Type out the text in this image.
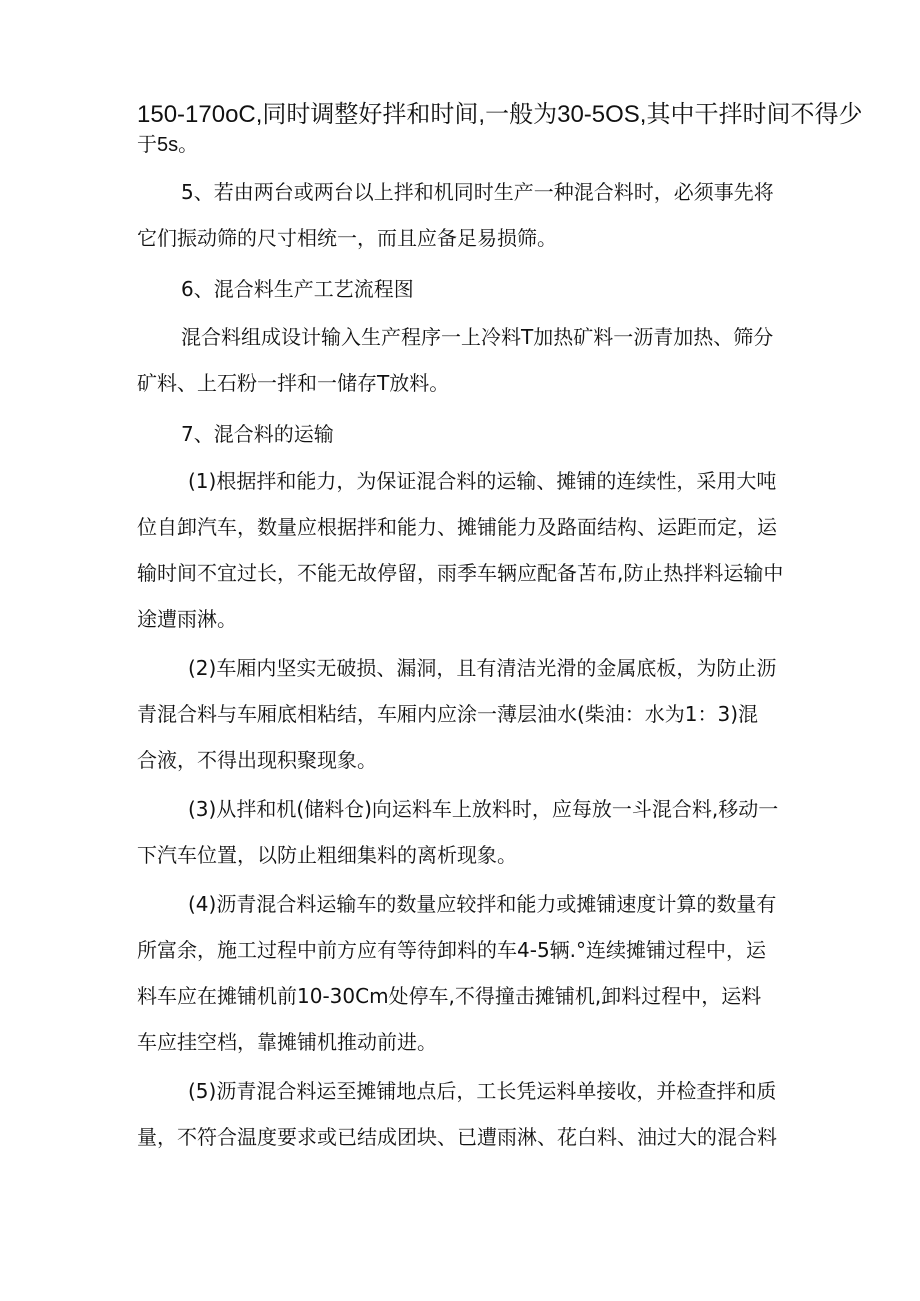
150-170oC,同时调整好拌和时间,一般为30-5OS,其中干拌时间不得少
于5s。
5、若由两台或两台以上拌和机同时生产一种混合料时，必须事先将
它们振动筛的尺寸相统一，而且应备足易损筛。
6、混合料生产工艺流程图
混合料组成设计输入生产程序一上冷料T加热矿料一沥青加热、筛分
矿料、上石粉一拌和一储存T放料。
7、混合料的运输
(1)根据拌和能力，为保证混合料的运输、摊铺的连续性，采用大吨
位自卸汽车，数量应根据拌和能力、摊铺能力及路面结构、运距而定，运
输时间不宜过长，不能无故停留，雨季车辆应配备苫布,防止热拌料运输中
途遭雨淋。
(2)车厢内坚实无破损、漏洞，且有清洁光滑的金属底板，为防止沥
青混合料与车厢底相粘结，车厢内应涂一薄层油水(柴油：水为1：3)混
合液，不得出现积聚现象。
(3)从拌和机(储料仓)向运料车上放料时，应每放一斗混合料,移动一
下汽车位置，以防止粗细集料的离析现象。
(4)沥青混合料运输车的数量应较拌和能力或摊铺速度计算的数量有
所富余，施工过程中前方应有等待卸料的车4-5辆.°连续摊铺过程中，运
料车应在摊铺机前10-30Cm处停车,不得撞击摊铺机,卸料过程中，运料
车应挂空档，靠摊铺机推动前进。
(5)沥青混合料运至摊铺地点后，工长凭运料单接收，并检查拌和质
量，不符合温度要求或已结成团块、已遭雨淋、花白料、油过大的混合料
